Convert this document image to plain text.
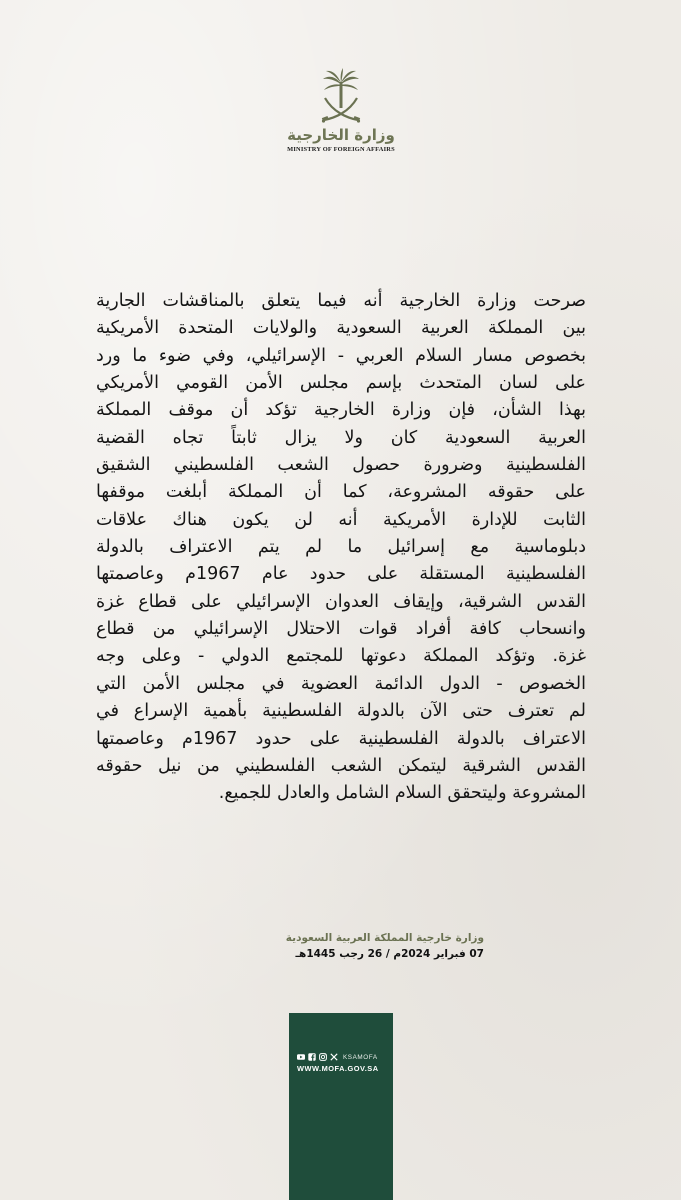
وزارة الخارجية
MINISTRY OF FOREIGN AFFAIRS
صرحت وزارة الخارجية أنه فيما يتعلق بالمناقشات الجارية
بين المملكة العربية السعودية والولايات المتحدة الأمريكية
بخصوص مسار السلام العربي - الإسرائيلي، وفي ضوء ما ورد
على لسان المتحدث بإسم مجلس الأمن القومي الأمريكي
بهذا الشأن، فإن وزارة الخارجية تؤكد أن موقف المملكة
العربية السعودية كان ولا يزال ثابتاً تجاه القضية
الفلسطينية وضرورة حصول الشعب الفلسطيني الشقيق
على حقوقه المشروعة، كما أن المملكة أبلغت موقفها
الثابت للإدارة الأمريكية أنه لن يكون هناك علاقات
دبلوماسية مع إسرائيل ما لم يتم الاعتراف بالدولة
الفلسطينية المستقلة على حدود عام 1967م وعاصمتها
القدس الشرقية، وإيقاف العدوان الإسرائيلي على قطاع غزة
وانسحاب كافة أفراد قوات الاحتلال الإسرائيلي من قطاع
غزة. وتؤكد المملكة دعوتها للمجتمع الدولي - وعلى وجه
الخصوص - الدول الدائمة العضوية في مجلس الأمن التي
لم تعترف حتى الآن بالدولة الفلسطينية بأهمية الإسراع في
الاعتراف بالدولة الفلسطينية على حدود 1967م وعاصمتها
القدس الشرقية ليتمكن الشعب الفلسطيني من نيل حقوقه
المشروعة وليتحقق السلام الشامل والعادل للجميع.
وزارة خارجية المملكة العربية السعودية
07 فبراير 2024م / 26 رجب 1445هـ
KSAMOFA
WWW.MOFA.GOV.SA
